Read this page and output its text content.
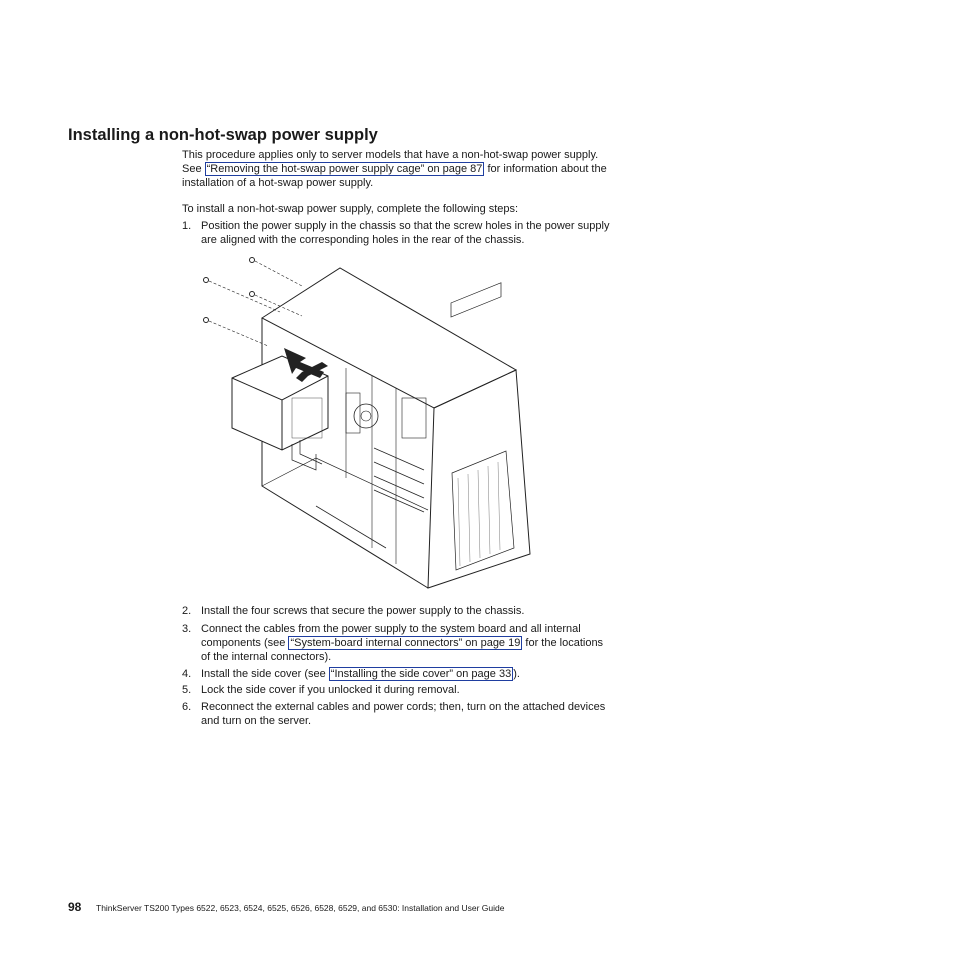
Installing a non-hot-swap power supply
This procedure applies only to server models that have a non-hot-swap power supply. See “Removing the hot-swap power supply cage” on page 87 for information about the installation of a hot-swap power supply.
To install a non-hot-swap power supply, complete the following steps:
1. Position the power supply in the chassis so that the screw holes in the power supply are aligned with the corresponding holes in the rear of the chassis.
2. Install the four screws that secure the power supply to the chassis.
3. Connect the cables from the power supply to the system board and all internal components (see “System-board internal connectors” on page 19 for the locations of the internal connectors).
4. Install the side cover (see “Installing the side cover” on page 33 ).
5. Lock the side cover if you unlocked it during removal.
6. Reconnect the external cables and power cords; then, turn on the attached devices and turn on the server.
98 ThinkServer TS200 Types 6522, 6523, 6524, 6525, 6526, 6528, 6529, and 6530: Installation and User Guide
